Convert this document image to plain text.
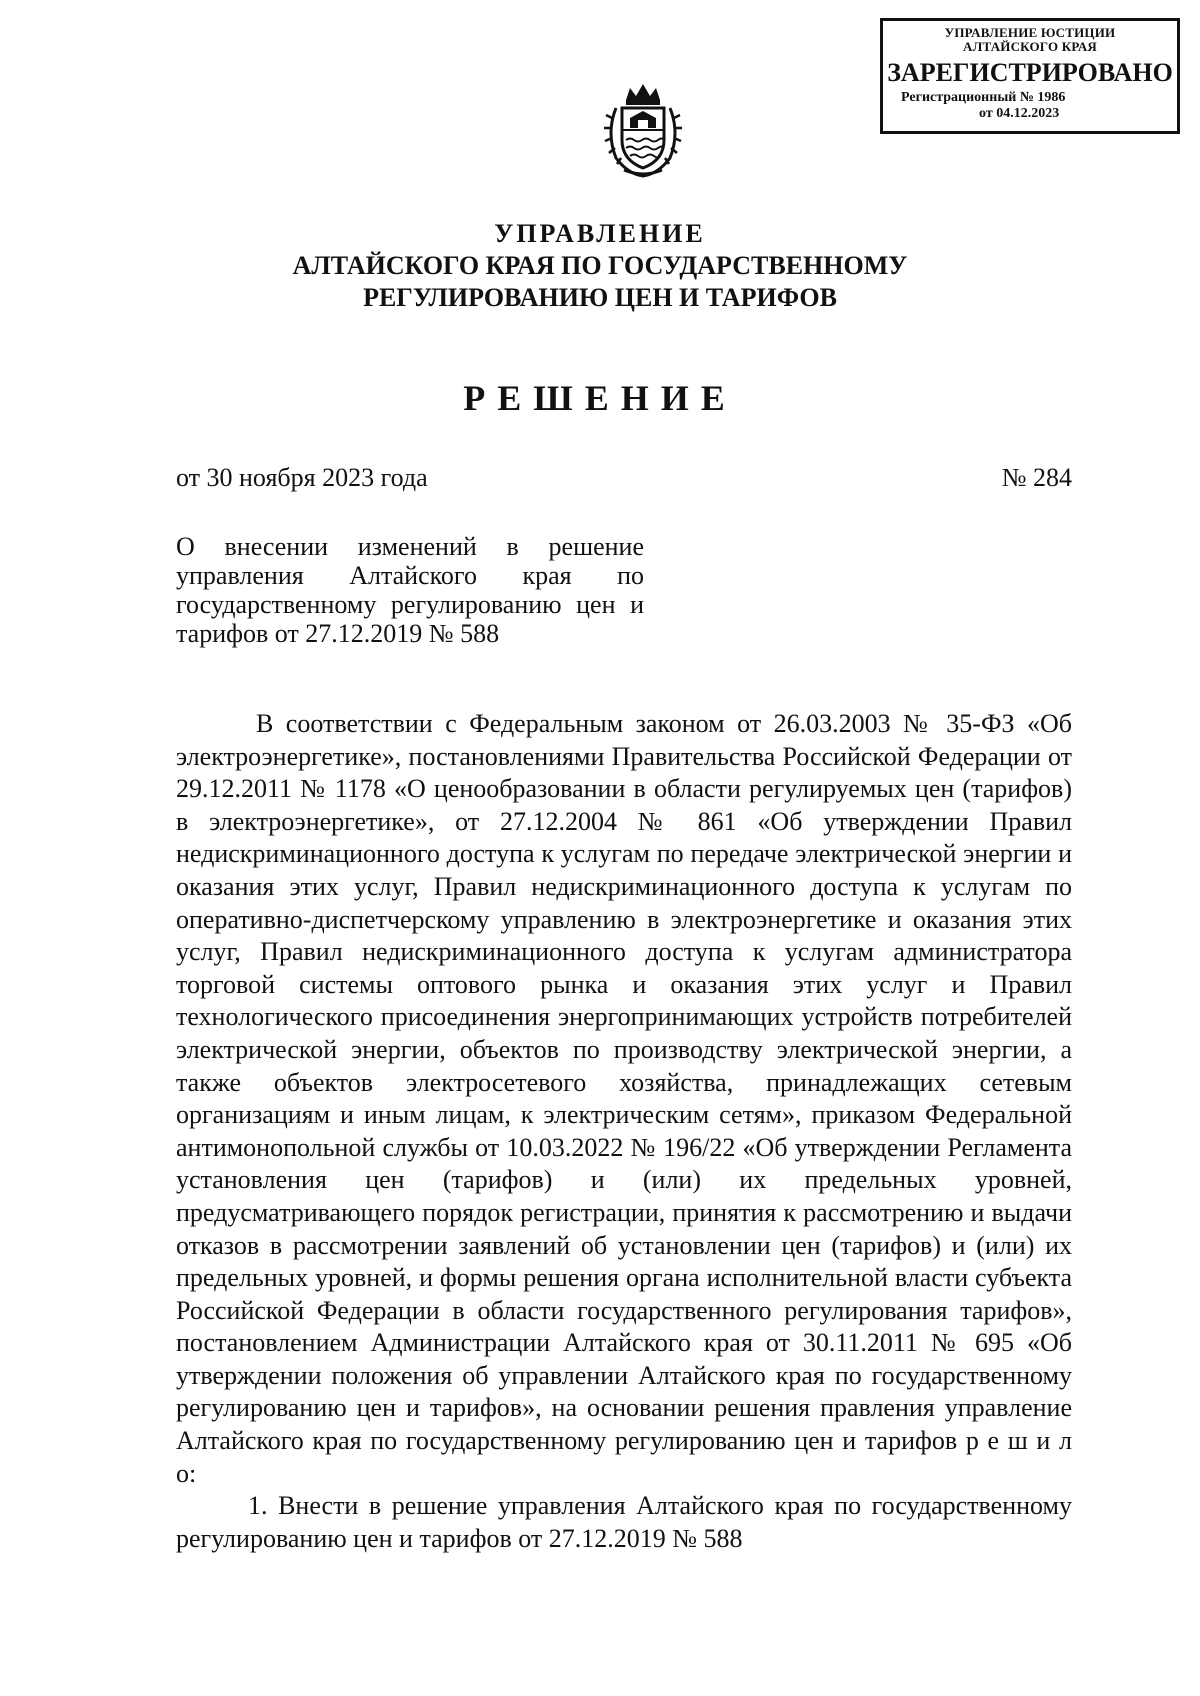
УПРАВЛЕНИЕ ЮСТИЦИИ
АЛТАЙСКОГО КРАЯ
ЗАРЕГИСТРИРОВАНО
Регистрационный № 1986
от 04.12.2023
УПРАВЛЕНИЕ
АЛТАЙСКОГО КРАЯ ПО ГОСУДАРСТВЕННОМУ
РЕГУЛИРОВАНИЮ ЦЕН И ТАРИФОВ
РЕШЕНИЕ
от 30 ноября 2023 года	№ 284
О внесении изменений в решение управления Алтайского края по государственному регулированию цен и тарифов от 27.12.2019 № 588

В соответствии с Федеральным законом от 26.03.2003 № 35-ФЗ «Об электроэнергетике», постановлениями Правительства Российской Федерации от 29.12.2011 № 1178 «О ценообразовании в области регулируемых цен (тарифов) в электроэнергетике», от 27.12.2004 № 861 «Об утверждении Правил недискриминационного доступа к услугам по передаче электрической энергии и оказания этих услуг, Правил недискриминационного доступа к услугам по оперативно-диспетчерскому управлению в электроэнергетике и оказания этих услуг, Правил недискриминационного доступа к услугам администратора торговой системы оптового рынка и оказания этих услуг и Правил технологического присоединения энергопринимающих устройств потребителей электрической энергии, объектов по производству электрической энергии, а также объектов электросетевого хозяйства, принадлежащих сетевым организациям и иным лицам, к электрическим сетям», приказом Федеральной антимонопольной службы от 10.03.2022 № 196/22 «Об утверждении Регламента установления цен (тарифов) и (или) их предельных уровней, предусматривающего порядок регистрации, принятия к рассмотрению и выдачи отказов в рассмотрении заявлений об установлении цен (тарифов) и (или) их предельных уровней, и формы решения органа исполнительной власти субъекта Российской Федерации в области государственного регулирования тарифов», постановлением Администрации Алтайского края от 30.11.2011 № 695 «Об утверждении положения об управлении Алтайского края по государственному регулированию цен и тарифов», на основании решения правления управление Алтайского края по государственному регулированию цен и тарифов р е ш и л о:

1. Внести в решение управления Алтайского края по государственному регулированию цен и тарифов от 27.12.2019 № 588
